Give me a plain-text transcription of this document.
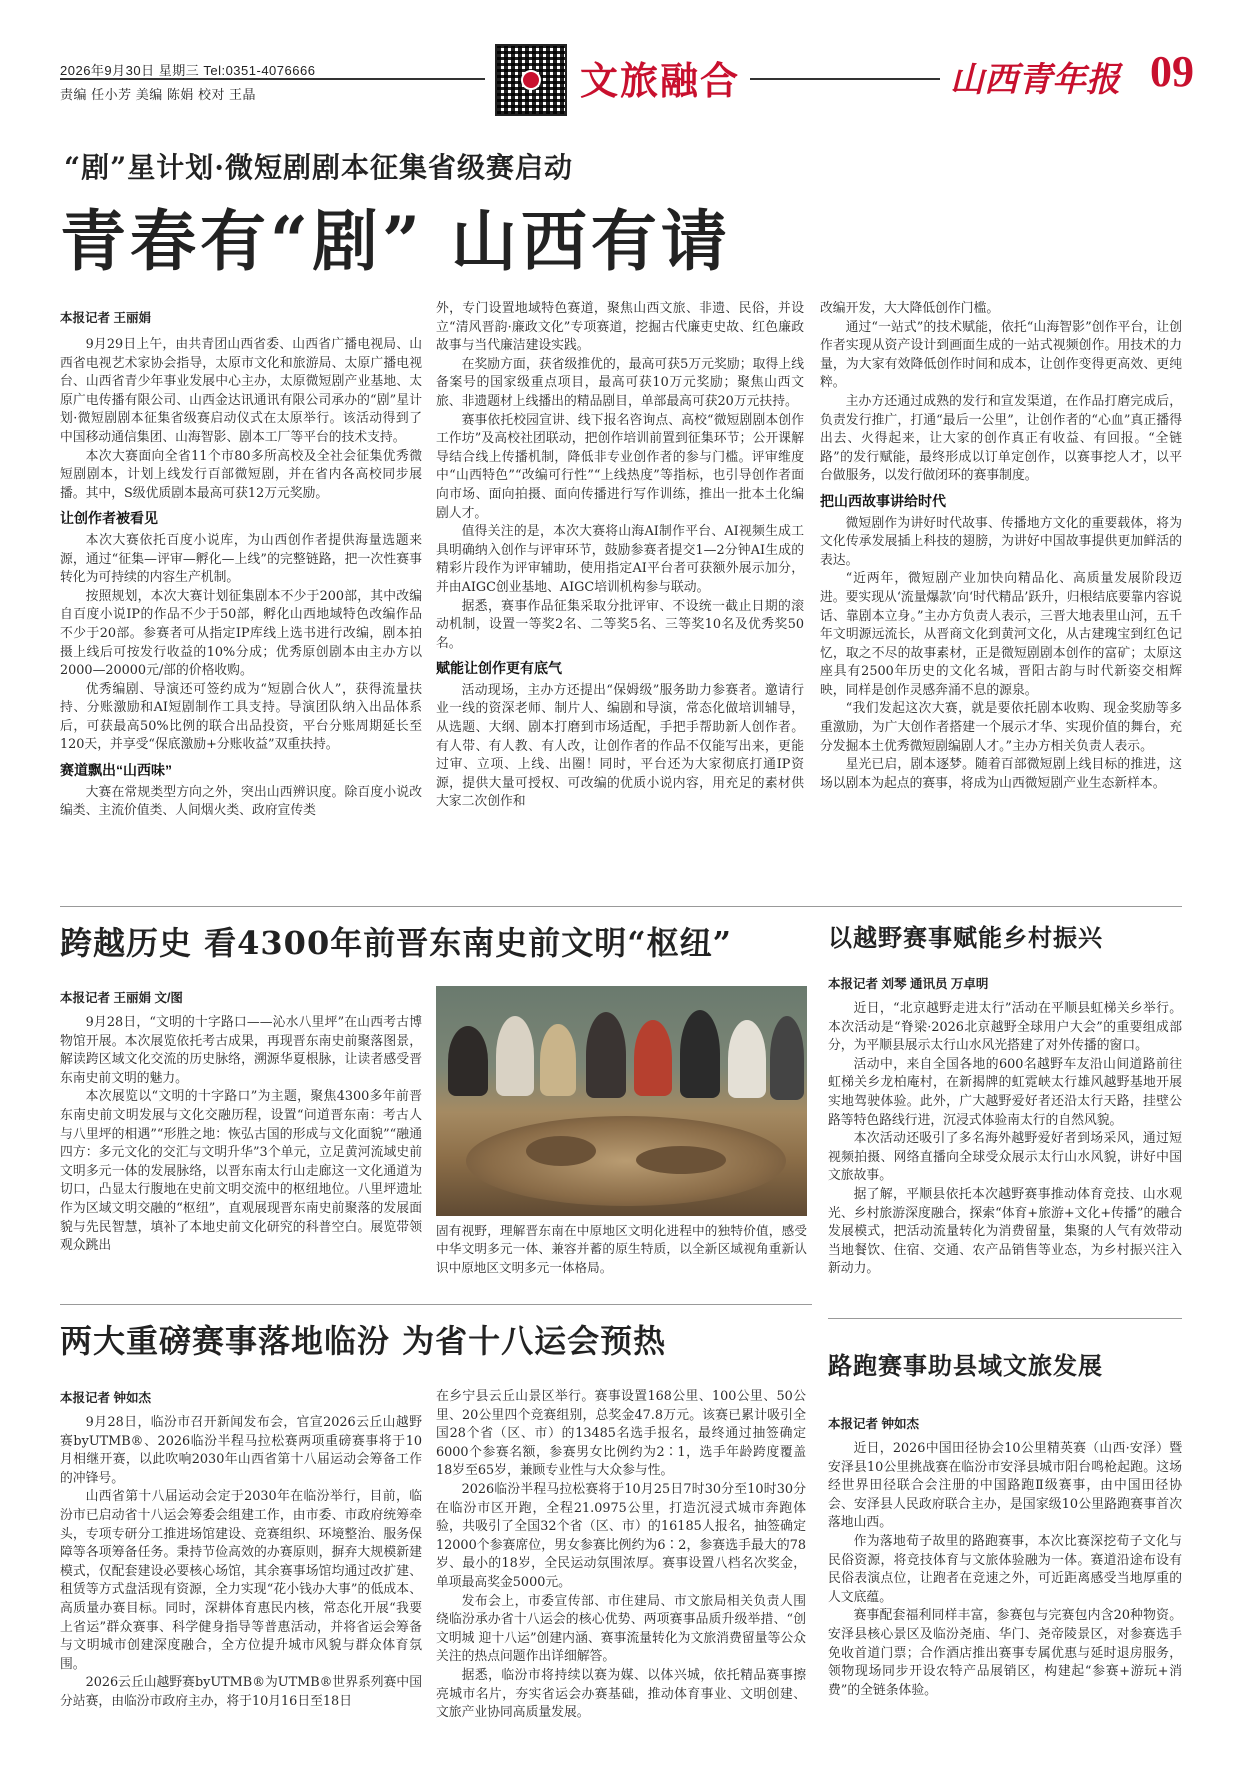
2026年9月30日 星期三 Tel:0351-4076666
责编 任小芳 美编 陈娟 校对 王晶	文旅融合	山西青年报 09
“剧”星计划·微短剧剧本征集省级赛启动
青春有“剧” 山西有请
本报记者 王丽娟

9月29日上午，由共青团山西省委、山西省广播电视局、山西省电视艺术家协会指导，太原市文化和旅游局、太原广播电视台、山西省青少年事业发展中心主办，太原微短剧产业基地、太原广电传播有限公司、山西金达讯通讯有限公司承办的“剧”星计划·微短剧剧本征集省级赛启动仪式在太原举行。该活动得到了中国移动通信集团、山海智影、剧本工厂等平台的技术支持。

本次大赛面向全省11个市80多所高校及全社会征集优秀微短剧剧本，计划上线发行百部微短剧，并在省内各高校同步展播。其中，S级优质剧本最高可获12万元奖励。

让创作者被看见

本次大赛依托百度小说库，为山西创作者提供海量选题来源，通过“征集—评审—孵化—上线”的完整链路，把一次性赛事转化为可持续的内容生产机制。

按照规划，本次大赛计划征集剧本不少于200部，其中改编自百度小说IP的作品不少于50部，孵化山西地域特色改编作品不少于20部。参赛者可从指定IP库线上选书进行改编，剧本拍摄上线后可按发行收益的10%分成；优秀原创剧本由主办方以2000—20000元/部的价格收购。

优秀编剧、导演还可签约成为“短剧合伙人”，获得流量扶持、分账激励和AI短剧制作工具支持。导演团队纳入出品体系后，可获最高50%比例的联合出品投资，平台分账周期延长至120天，并享受“保底激励+分账收益”双重扶持。

赛道飘出“山西味”

大赛在常规类型方向之外，突出山西辨识度。除百度小说改编类、主流价值类、人间烟火类、政府宣传类

外，专门设置地域特色赛道，聚焦山西文旅、非遗、民俗，并设立“清风晋韵·廉政文化”专项赛道，挖掘古代廉吏史故、红色廉政故事与当代廉洁建设实践。

在奖励方面，获省级推优的，最高可获5万元奖励；取得上线备案号的国家级重点项目，最高可获10万元奖励；聚焦山西文旅、非遗题材上线播出的精品剧目，单部最高可获20万元扶持。

赛事依托校园宣讲、线下报名咨询点、高校“微短剧剧本创作工作坊”及高校社团联动，把创作培训前置到征集环节；公开课解导结合线上传播机制，降低非专业创作者的参与门槛。评审维度中“山西特色”“改编可行性”“上线热度”等指标，也引导创作者面向市场、面向拍摄、面向传播进行写作训练，推出一批本土化编剧人才。

值得关注的是，本次大赛将山海AI制作平台、AI视频生成工具明确纳入创作与评审环节，鼓励参赛者提交1—2分钟AI生成的精彩片段作为评审辅助，使用指定AI平台者可获额外展示加分，并由AIGC创业基地、AIGC培训机构参与联动。

据悉，赛事作品征集采取分批评审、不设统一截止日期的滚动机制，设置一等奖2名、二等奖5名、三等奖10名及优秀奖50名。

赋能让创作更有底气

活动现场，主办方还提出“保姆级”服务助力参赛者。邀请行业一线的资深老师、制片人、编剧和导演，常态化做培训辅导，从选题、大纲、剧本打磨到市场适配，手把手帮助新人创作者。有人带、有人教、有人改，让创作者的作品不仅能写出来，更能过审、立项、上线、出圈！同时，平台还为大家彻底打通IP资源，提供大量可授权、可改编的优质小说内容，用充足的素材供大家二次创作和

改编开发，大大降低创作门槛。

通过“一站式”的技术赋能，依托“山海智影”创作平台，让创作者实现从资产设计到画面生成的一站式视频创作。用技术的力量，为大家有效降低创作时间和成本，让创作变得更高效、更纯粹。

主办方还通过成熟的发行和宣发渠道，在作品打磨完成后，负责发行推广，打通“最后一公里”，让创作者的“心血”真正播得出去、火得起来，让大家的创作真正有收益、有回报。“全链路”的发行赋能，最终形成以订单定创作，以赛事挖人才，以平台做服务，以发行做闭环的赛事制度。

把山西故事讲给时代

微短剧作为讲好时代故事、传播地方文化的重要载体，将为文化传承发展插上科技的翅膀，为讲好中国故事提供更加鲜活的表达。

“近两年，微短剧产业加快向精品化、高质量发展阶段迈进。要实现从‘流量爆款’向‘时代精品’跃升，归根结底要靠内容说话、靠剧本立身。”主办方负责人表示，三晋大地表里山河，五千年文明源远流长，从晋商文化到黄河文化，从古建瑰宝到红色记忆，取之不尽的故事素材，正是微短剧剧本创作的富矿；太原这座具有2500年历史的文化名城，晋阳古韵与时代新姿交相辉映，同样是创作灵感奔涌不息的源泉。

“我们发起这次大赛，就是要依托剧本收购、现金奖励等多重激励，为广大创作者搭建一个展示才华、实现价值的舞台，充分发掘本土优秀微短剧编剧人才。”主办方相关负责人表示。

星光已启，剧本逐梦。随着百部微短剧上线目标的推进，这场以剧本为起点的赛事，将成为山西微短剧产业生态新样本。

跨越历史 看4300年前晋东南史前文明“枢纽”
本报记者 王丽娟 文/图

9月28日，“文明的十字路口——沁水八里坪”在山西考古博物馆开展。本次展览依托考古成果，再现晋东南史前聚落图景，解读跨区域文化交流的历史脉络，溯源华夏根脉，让读者感受晋东南史前文明的魅力。

本次展览以“文明的十字路口”为主题，聚焦4300多年前晋东南史前文明发展与文化交融历程，设置“问道晋东南：考古人与八里坪的相遇”“形胜之地：恢弘古国的形成与文化面貌”“融通四方：多元文化的交汇与文明升华”3个单元，立足黄河流域史前文明多元一体的发展脉络，以晋东南太行山走廊这一文化通道为切口，凸显太行腹地在史前文明交流中的枢纽地位。八里坪遗址作为区域文明交融的“枢纽”，直观展现晋东南史前聚落的发展面貌与先民智慧，填补了本地史前文化研究的科普空白。展览带领观众跳出

固有视野，理解晋东南在中原地区文明化进程中的独特价值，感受中华文明多元一体、兼容并蓄的原生特质，以全新区域视角重新认识中原地区文明多元一体格局。
以越野赛事赋能乡村振兴
本报记者 刘琴 通讯员 万卓明

近日，“北京越野走进太行”活动在平顺县虹梯关乡举行。本次活动是“脊梁·2026北京越野全球用户大会”的重要组成部分，为平顺县展示太行山水风光搭建了对外传播的窗口。

活动中，来自全国各地的600名越野车友沿山间道路前往虹梯关乡龙柏庵村，在新揭牌的虹霓峡太行雄风越野基地开展实地驾驶体验。此外，广大越野爱好者还沿太行天路，挂壁公路等特色路线行进，沉浸式体验南太行的自然风貌。

本次活动还吸引了多名海外越野爱好者到场采风，通过短视频拍摄、网络直播向全球受众展示太行山水风貌，讲好中国文旅故事。

据了解，平顺县依托本次越野赛事推动体育竞技、山水观光、乡村旅游深度融合，探索“体育+旅游+文化+传播”的融合发展模式，把活动流量转化为消费留量，集聚的人气有效带动当地餐饮、住宿、交通、农产品销售等业态，为乡村振兴注入新动力。

两大重磅赛事落地临汾 为省十八运会预热
本报记者 钟如杰

9月28日，临汾市召开新闻发布会，官宣2026云丘山越野赛byUTMB®、2026临汾半程马拉松赛两项重磅赛事将于10月相继开赛，以此吹响2030年山西省第十八届运动会筹备工作的冲锋号。

山西省第十八届运动会定于2030年在临汾举行，目前，临汾市已启动省十八运会筹委会组建工作，由市委、市政府统筹牵头，专项专研分工推进场馆建设、竞赛组织、环境整治、服务保障等各项筹备任务。秉持节俭高效的办赛原则，摒弃大规模新建模式，仅配套建设必要核心场馆，其余赛事场馆均通过改扩建、租赁等方式盘活现有资源，全力实现“花小钱办大事”的低成本、高质量办赛目标。同时，深耕体育惠民内核，常态化开展“我要上省运”群众赛事、科学健身指导等普惠活动，并将省运会筹备与文明城市创建深度融合，全方位提升城市风貌与群众体育氛围。

2026云丘山越野赛byUTMB®为UTMB®世界系列赛中国分站赛，由临汾市政府主办，将于10月16日至18日

在乡宁县云丘山景区举行。赛事设置168公里、100公里、50公里、20公里四个竞赛组别，总奖金47.8万元。该赛已累计吸引全国28个省（区、市）的13485名选手报名，最终通过抽签确定6000个参赛名额，参赛男女比例约为2∶1，选手年龄跨度覆盖18岁至65岁，兼顾专业性与大众参与性。

2026临汾半程马拉松赛将于10月25日7时30分至10时30分在临汾市区开跑，全程21.0975公里，打造沉浸式城市奔跑体验，共吸引了全国32个省（区、市）的16185人报名，抽签确定12000个参赛席位，男女参赛比例约为6∶2，参赛选手最大的78岁、最小的18岁，全民运动氛围浓厚。赛事设置八档名次奖金，单项最高奖金5000元。

发布会上，市委宣传部、市住建局、市文旅局相关负责人围绕临汾承办省十八运会的核心优势、两项赛事品质升级举措、“创文明城 迎十八运”创建内涵、赛事流量转化为文旅消费留量等公众关注的热点问题作出详细解答。

据悉，临汾市将持续以赛为媒、以体兴城，依托精品赛事擦亮城市名片，夯实省运会办赛基础，推动体育事业、文明创建、文旅产业协同高质量发展。

路跑赛事助县域文旅发展
本报记者 钟如杰

近日，2026中国田径协会10公里精英赛（山西·安泽）暨安泽县10公里挑战赛在临汾市安泽县城市阳台鸣枪起跑。这场经世界田径联合会注册的中国路跑Ⅱ级赛事，由中国田径协会、安泽县人民政府联合主办，是国家级10公里路跑赛事首次落地山西。

作为落地荀子故里的路跑赛事，本次比赛深挖荀子文化与民俗资源，将竞技体育与文旅体验融为一体。赛道沿途布设有民俗表演点位，让跑者在竞速之外，可近距离感受当地厚重的人文底蕴。

赛事配套福利同样丰富，参赛包与完赛包内含20种物资。安泽县核心景区及临汾尧庙、华门、尧帝陵景区，对参赛选手免收首道门票；合作酒店推出赛事专属优惠与延时退房服务，领物现场同步开设农特产品展销区，构建起“参赛+游玩+消费”的全链条体验。
